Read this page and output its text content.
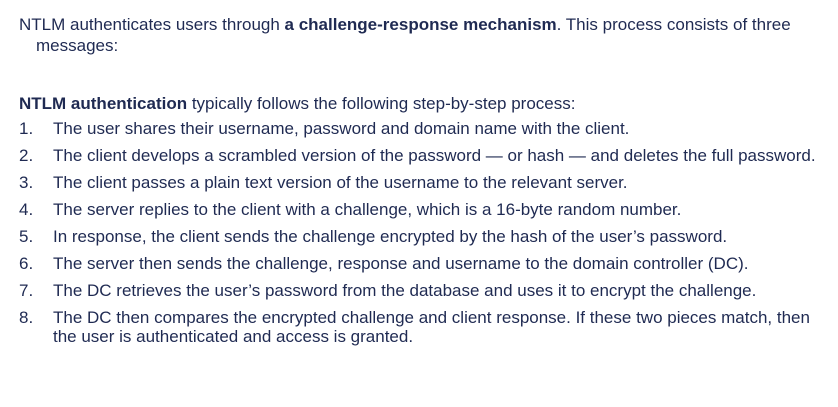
NTLM authenticates users through a challenge-response mechanism. This process consists of three messages:

NTLM authentication typically follows the following step-by-step process:

1.	The user shares their username, password and domain name with the client.
2.	The client develops a scrambled version of the password — or hash — and deletes the full password.
3.	The client passes a plain text version of the username to the relevant server.
4.	The server replies to the client with a challenge, which is a 16-byte random number.
5.	In response, the client sends the challenge encrypted by the hash of the user’s password.
6.	The server then sends the challenge, response and username to the domain controller (DC).
7.	The DC retrieves the user’s password from the database and uses it to encrypt the challenge.
8.	The DC then compares the encrypted challenge and client response. If these two pieces match, then the user is authenticated and access is granted.
